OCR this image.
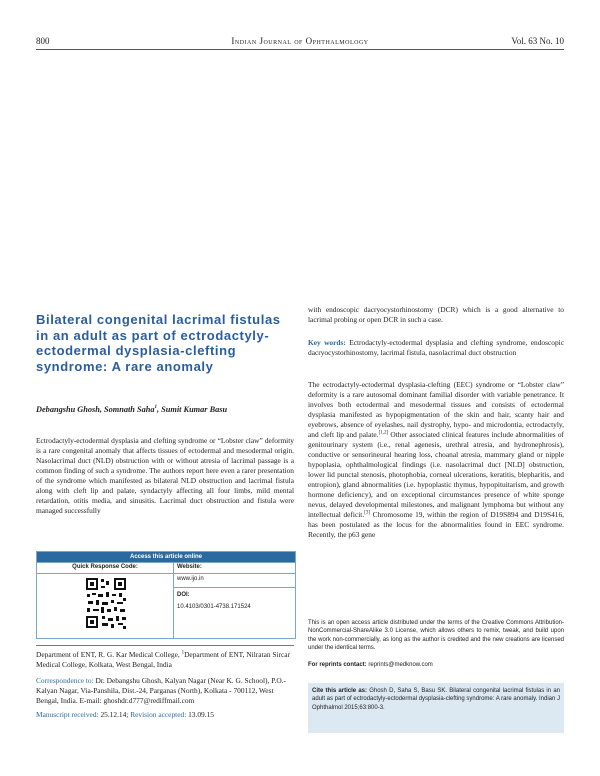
800	Indian Journal of Ophthalmology	Vol. 63 No. 10
Bilateral congenital lacrimal fistulas in an adult as part of ectrodactyly-ectodermal dysplasia-clefting syndrome: A rare anomaly
Debangshu Ghosh, Somnath Saha$^1$, Sumit Kumar Basu
Ectrodactyly-ectodermal dysplasia and clefting syndrome or “Lobster claw” deformity is a rare congenital anomaly that affects tissues of ectodermal and mesodermal origin. Nasolacrimal duct (NLD) obstruction with or without atresia of lacrimal passage is a common finding of such a syndrome. The authors report here even a rarer presentation of the syndrome which manifested as bilateral NLD obstruction and lacrimal fistula along with cleft lip and palate, syndactyly affecting all four limbs, mild mental retardation, otitis media, and sinusitis. Lacrimal duct obstruction and fistula were managed successfully
Access this article online
Quick Response Code:	Website:
www.ijo.in
DOI:
10.4103/0301-4738.171524
Department of ENT, R. G. Kar Medical College, $^1$Department of ENT, Nilratan Sircar Medical College, Kolkata, West Bengal, India
Correspondence to: Dr. Debangshu Ghosh, Kalyan Nagar (Near K. G. School), P.O.-Kalyan Nagar, Via-Panshila, Dist.-24, Parganas (North), Kolkata - 700112, West Bengal, India. E-mail: ghoshdr.d777@rediffmail.com
Manuscript received: 25.12.14; Revision accepted: 13.09.15
with endoscopic dacryocystorhinostomy (DCR) which is a good alternative to lacrimal probing or open DCR in such a case.
Key words: Ectrodactyly-ectodermal dysplasia and clefting syndrome, endoscopic dacryocystorhinostomy, lacrimal fistula, nasolacrimal duct obstruction
The ectrodactyly-ectodermal dysplasia-clefting (EEC) syndrome or “Lobster claw” deformity is a rare autosomal dominant familial disorder with variable penetrance. It involves both ectodermal and mesodermal tissues and consists of ectodermal dysplasia manifested as hypopigmentation of the skin and hair, scanty hair and eyebrows, absence of eyelashes, nail dystrophy, hypo- and microdontia, ectrodactyly, and cleft lip and palate.[1,2] Other associated clinical features include abnormalities of genitourinary system (i.e., renal agenesis, urethral atresia, and hydronephrosis), conductive or sensorineural hearing loss, choanal atresia, mammary gland or nipple hypoplasia, ophthalmological findings (i.e. nasolacrimal duct [NLD] obstruction, lower lid punctal stenosis, photophobia, corneal ulcerations, keratitis, blepharitis, and entropion), gland abnormalities (i.e. hypoplastic thymus, hypopituitarism, and growth hormone deficiency), and on exceptional circumstances presence of white sponge nevus, delayed developmental milestones, and malignant lymphoma but without any intellectual deficit.[3] Chromosome 19, within the region of D19S894 and D19S416, has been postulated as the locus for the abnormalities found in EEC syndrome. Recently, the p63 gene
This is an open access article distributed under the terms of the Creative Commons Attribution-NonCommercial-ShareAlike 3.0 License, which allows others to remix, tweak, and build upon the work non-commercially, as long as the author is credited and the new creations are licensed under the identical terms.
For reprints contact: reprints@medknow.com
Cite this article as: Ghosh D, Saha S, Basu SK. Bilateral congenital lacrimal fistulas in an adult as part of ectrodactyly-ectodermal dysplasia-clefting syndrome: A rare anomaly. Indian J Ophthalmol 2015;63:800-3.
